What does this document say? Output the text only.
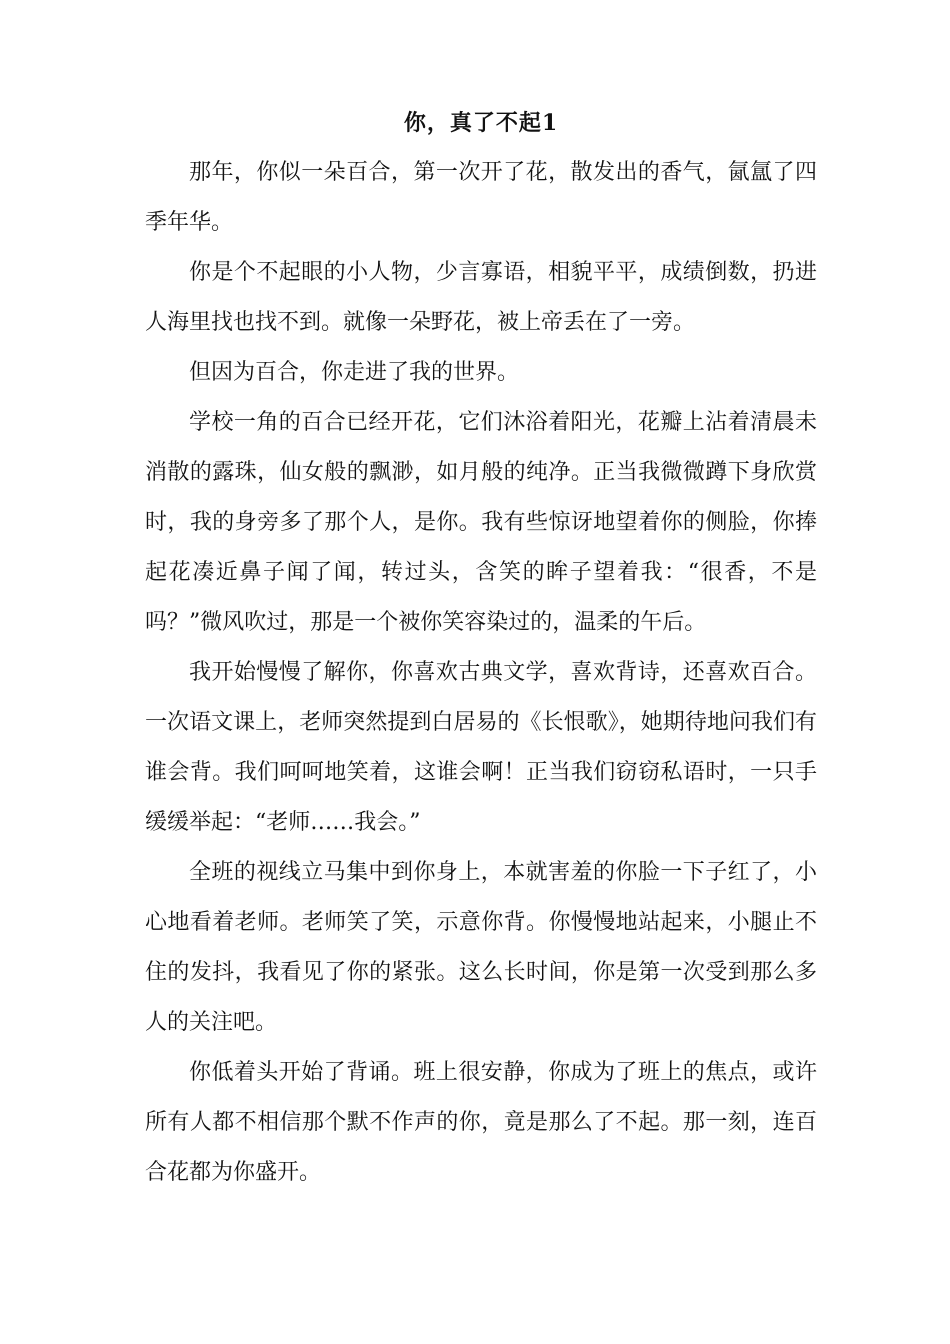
你，真了不起1

那年，你似一朵百合，第一次开了花，散发出的香气，氤氲了四季年华。

你是个不起眼的小人物，少言寡语，相貌平平，成绩倒数，扔进人海里找也找不到。就像一朵野花，被上帝丢在了一旁。

但因为百合，你走进了我的世界。

学校一角的百合已经开花，它们沐浴着阳光，花瓣上沾着清晨未消散的露珠，仙女般的飘渺，如月般的纯净。正当我微微蹲下身欣赏时，我的身旁多了那个人，是你。我有些惊讶地望着你的侧脸，你捧起花凑近鼻子闻了闻，转过头，含笑的眸子望着我：“很香，不是吗？”微风吹过，那是一个被你笑容染过的，温柔的午后。

我开始慢慢了解你，你喜欢古典文学，喜欢背诗，还喜欢百合。一次语文课上，老师突然提到白居易的《长恨歌》，她期待地问我们有谁会背。我们呵呵地笑着，这谁会啊！正当我们窃窃私语时，一只手缓缓举起：“老师……我会。”

全班的视线立马集中到你身上，本就害羞的你脸一下子红了，小心地看着老师。老师笑了笑，示意你背。你慢慢地站起来，小腿止不住的发抖，我看见了你的紧张。这么长时间，你是第一次受到那么多人的关注吧。

你低着头开始了背诵。班上很安静，你成为了班上的焦点，或许所有人都不相信那个默不作声的你，竟是那么了不起。那一刻，连百合花都为你盛开。
